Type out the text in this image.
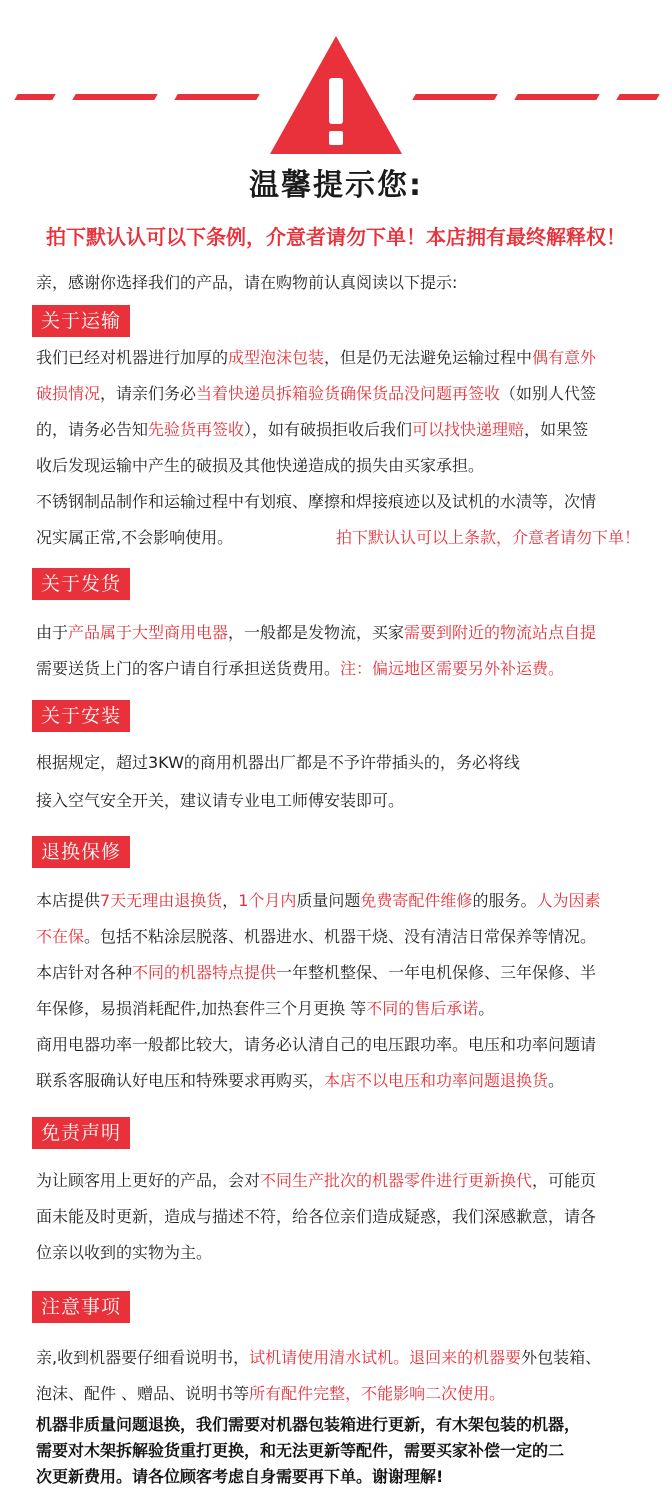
温馨提示您:
拍下默认认可以下条例，介意者请勿下单！本店拥有最终解释权！
亲，感谢你选择我们的产品，请在购物前认真阅读以下提示:
关于运输
我们已经对机器进行加厚的成型泡沫包装，但是仍无法避免运输过程中偶有意外
破损情况，请亲们务必当着快递员拆箱验货确保货品没问题再签收（如别人代签
的，请务必告知先验货再签收），如有破损拒收后我们可以找快递理赔，如果签
收后发现运输中产生的破损及其他快递造成的损失由买家承担。
不锈钢制品制作和运输过程中有划痕、摩擦和焊接痕迹以及试机的水渍等，次情
况实属正常,不会影响使用。	拍下默认认可以上条款，介意者请勿下单！
关于发货
由于产品属于大型商用电器，一般都是发物流，买家需要到附近的物流站点自提
需要送货上门的客户请自行承担送货费用。注：偏远地区需要另外补运费。
关于安装
根据规定，超过3KW的商用机器出厂都是不予许带插头的，务必将线
接入空气安全开关，建议请专业电工师傅安装即可。
退换保修
本店提供7天无理由退换货，1个月内质量问题免费寄配件维修的服务。人为因素
不在保。包括不粘涂层脱落、机器进水、机器干烧、没有清洁日常保养等情况。
本店针对各种不同的机器特点提供一年整机整保、一年电机保修、三年保修、半
年保修，易损消耗配件,加热套件三个月更换 等不同的售后承诺。
商用电器功率一般都比较大，请务必认清自己的电压跟功率。电压和功率问题请
联系客服确认好电压和特殊要求再购买，本店不以电压和功率问题退换货。
免责声明
为让顾客用上更好的产品，会对不同生产批次的机器零件进行更新换代，可能页
面未能及时更新，造成与描述不符，给各位亲们造成疑惑，我们深感歉意，请各
位亲以收到的实物为主。
注意事项
亲,收到机器要仔细看说明书，试机请使用清水试机。退回来的机器要外包装箱、
泡沫、配件 、赠品、说明书等所有配件完整，不能影响二次使用。
机器非质量问题退换，我们需要对机器包装箱进行更新，有木架包装的机器，
需要对木架拆解验货重打更换，和无法更新等配件，需要买家补偿一定的二
次更新费用。请各位顾客考虑自身需要再下单。谢谢理解!
